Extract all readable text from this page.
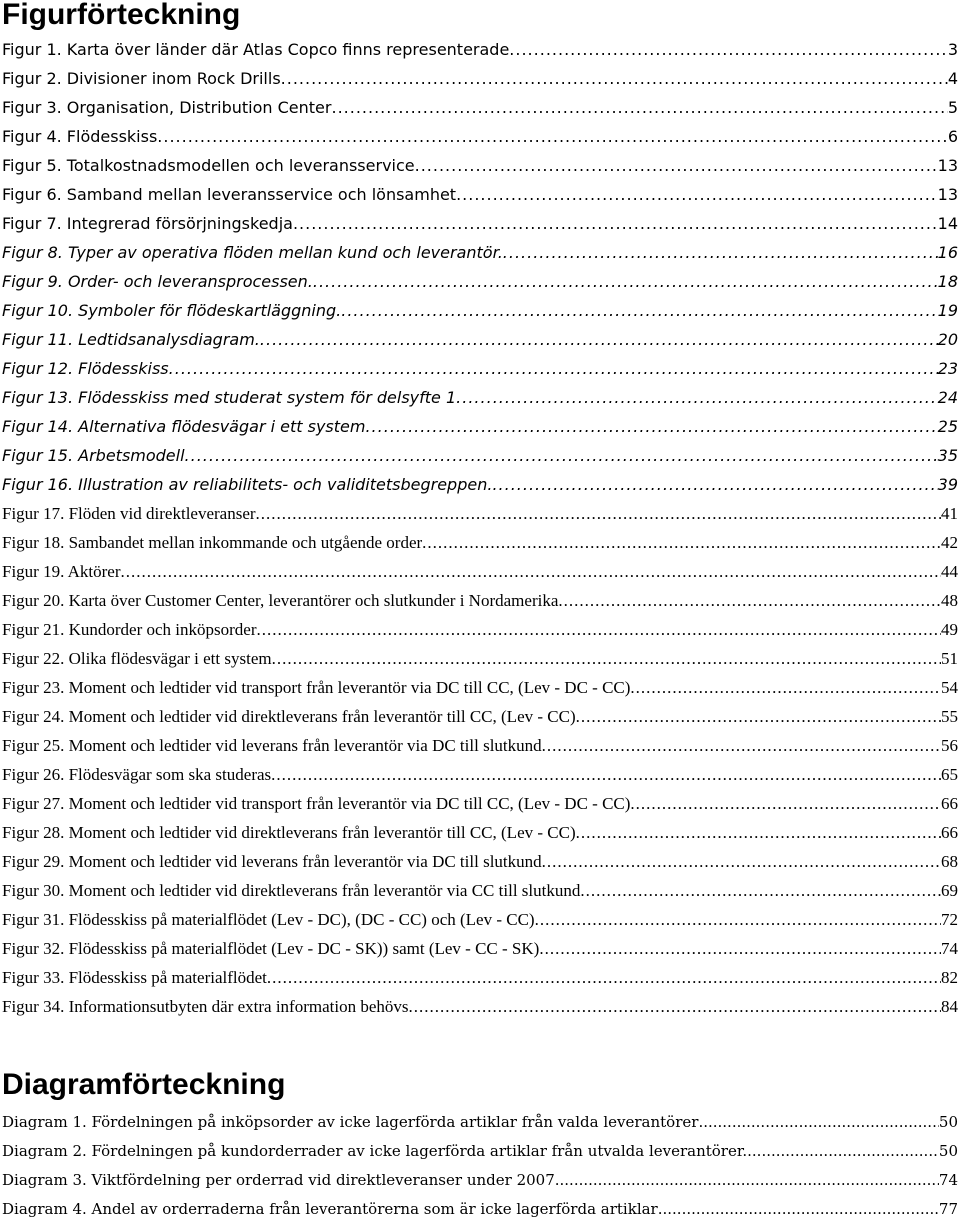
Figurförteckning
Figur 1. Karta över länder där Atlas Copco finns representerade .....	3
Figur 2. Divisioner inom Rock Drills .....	4
Figur 3. Organisation, Distribution Center .....	5
Figur 4. Flödesskiss .....	6
Figur 5. Totalkostnadsmodellen och leveransservice .....	13
Figur 6. Samband mellan leveransservice och lönsamhet .....	13
Figur 7. Integrerad försörjningskedja .....	14
Figur 8. Typer av operativa flöden mellan kund och leverantör. .....	16
Figur 9. Order- och leveransprocessen. .....	18
Figur 10. Symboler för flödeskartläggning. .....	19
Figur 11. Ledtidsanalysdiagram. .....	20
Figur 12. Flödesskiss .....	23
Figur 13. Flödesskiss med studerat system för delsyfte 1 .....	24
Figur 14. Alternativa flödesvägar i ett system .....	25
Figur 15. Arbetsmodell .....	35
Figur 16. Illustration av reliabilitets- och validitetsbegreppen. .....	39
Figur 17. Flöden vid direktleveranser .....	41
Figur 18. Sambandet mellan inkommande och utgående order .....	42
Figur 19. Aktörer .....	44
Figur 20. Karta över Customer Center, leverantörer och slutkunder i Nordamerika .....	48
Figur 21. Kundorder och inköpsorder .....	49
Figur 22. Olika flödesvägar i ett system .....	51
Figur 23. Moment och ledtider vid transport från leverantör via DC till CC, (Lev - DC - CC) .....	54
Figur 24. Moment och ledtider vid direktleverans från leverantör till CC, (Lev - CC) .....	55
Figur 25. Moment och ledtider vid leverans från leverantör via DC till slutkund .....	56
Figur 26. Flödesvägar som ska studeras .....	65
Figur 27. Moment och ledtider vid transport från leverantör via DC till CC, (Lev - DC - CC) .....	66
Figur 28. Moment och ledtider vid direktleverans från leverantör till CC, (Lev - CC) .....	66
Figur 29. Moment och ledtider vid leverans från leverantör via DC till slutkund .....	68
Figur 30. Moment och ledtider vid direktleverans från leverantör via CC till slutkund .....	69
Figur 31. Flödesskiss på materialflödet (Lev - DC), (DC - CC) och (Lev - CC) .....	72
Figur 32. Flödesskiss på materialflödet (Lev - DC - SK)) samt (Lev - CC - SK) .....	74
Figur 33. Flödesskiss på materialflödet .....	82
Figur 34. Informationsutbyten där extra information behövs .....	84
Diagramförteckning
Diagram 1. Fördelningen på inköpsorder av icke lagerförda artiklar från valda leverantörer .....	50
Diagram 2. Fördelningen på kundorderrader av icke lagerförda artiklar från utvalda leverantörer. .....	50
Diagram 3. Viktfördelning per orderrad vid direktleveranser under 2007 .....	74
Diagram 4. Andel av orderraderna från leverantörerna som är icke lagerförda artiklar .....	77
